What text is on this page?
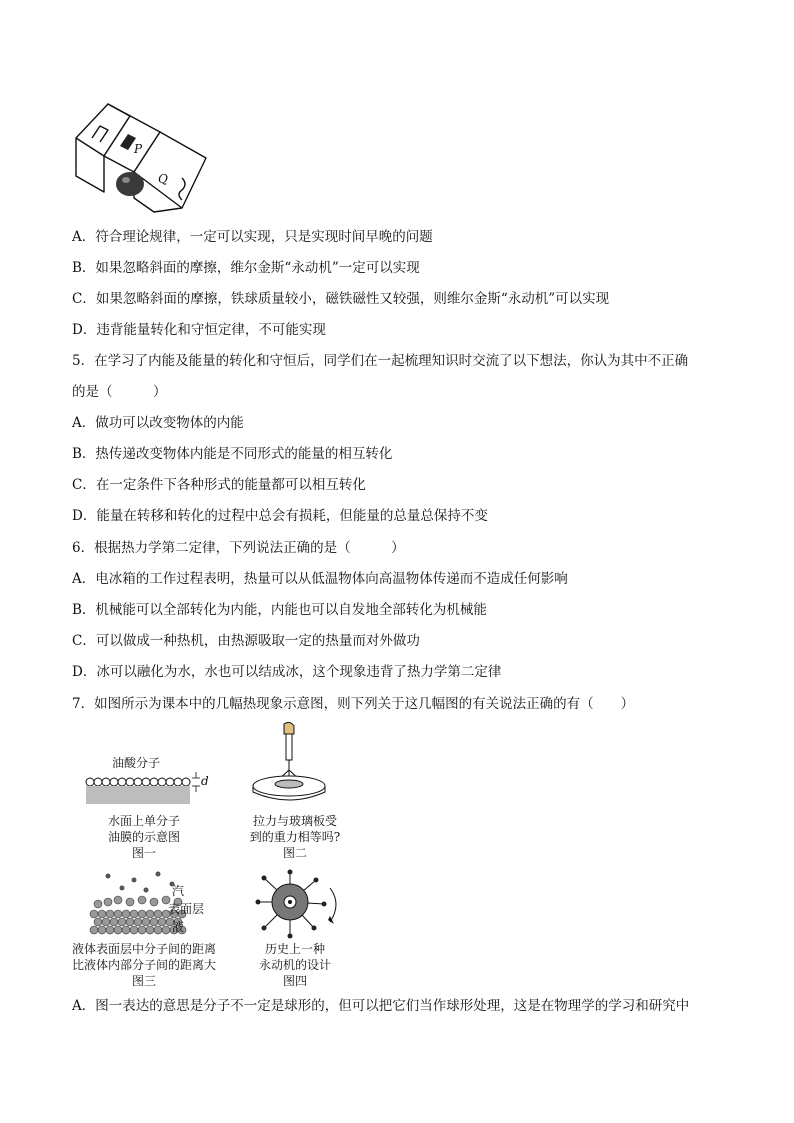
P
Q
A．符合理论规律，一定可以实现，只是实现时间早晚的问题
B．如果忽略斜面的摩擦，维尔金斯“永动机”一定可以实现
C．如果忽略斜面的摩擦，铁球质量较小，磁铁磁性又较强，则维尔金斯“永动机”可以实现
D．违背能量转化和守恒定律，不可能实现
5．在学习了内能及能量的转化和守恒后，同学们在一起梳理知识时交流了以下想法，你认为其中不正确
的是（　　　）
A．做功可以改变物体的内能
B．热传递改变物体内能是不同形式的能量的相互转化
C．在一定条件下各种形式的能量都可以相互转化
D．能量在转移和转化的过程中总会有损耗，但能量的总量总保持不变
6．根据热力学第二定律，下列说法正确的是（　　　）
A．电冰箱的工作过程表明，热量可以从低温物体向高温物体传递而不造成任何影响
B．机械能可以全部转化为内能，内能也可以自发地全部转化为机械能
C．可以做成一种热机，由热源吸取一定的热量而对外做功
D．冰可以融化为水，水也可以结成冰，这个现象违背了热力学第二定律
7．如图所示为课本中的几幅热现象示意图，则下列关于这几幅图的有关说法正确的有（　　）
油酸分子
d
水面上单分子
油膜的示意图
图一
拉力与玻璃板受
到的重力相等吗?
图二
汽
表面层
液
液体表面层中分子间的距离
比液体内部分子间的距离大
图三
历史上一种
永动机的设计
图四
A．图一表达的意思是分子不一定是球形的，但可以把它们当作球形处理，这是在物理学的学习和研究中
